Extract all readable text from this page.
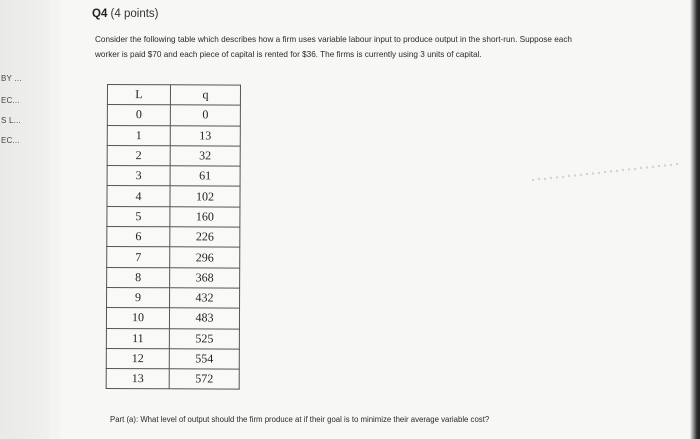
BY ...
EC...
S L...
EC...
Q4 (4 points)
Consider the following table which describes how a firm uses variable labour input to produce output in the short-run. Suppose each
worker is paid $70 and each piece of capital is rented for $36. The firms is currently using 3 units of capital.
L	q
0	0
1	13
2	32
3	61
4	102
5	160
6	226
7	296
8	368
9	432
10	483
11	525
12	554
13	572
Part (a): What level of output should the firm produce at if their goal is to minimize their average variable cost?
